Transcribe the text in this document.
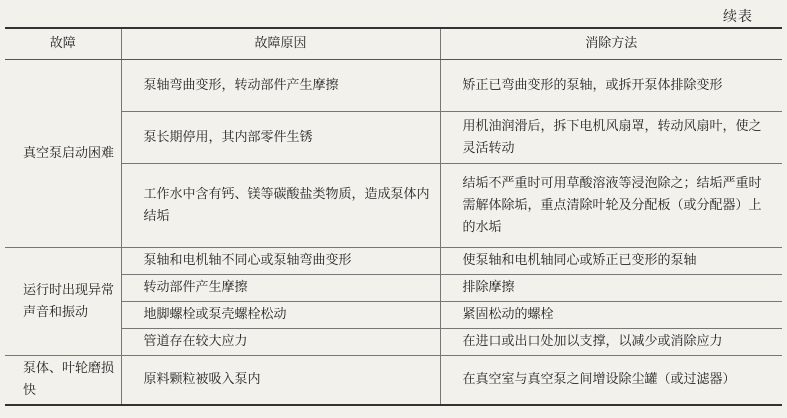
续表
故障	故障原因	消除方法
真空泵启动困难	泵轴弯曲变形，转动部件产生摩擦	矫正已弯曲变形的泵轴，或拆开泵体排除变形
	泵长期停用，其内部零件生锈	用机油润滑后，拆下电机风扇罩，转动风扇叶，使之灵活转动
	工作水中含有钙、镁等碳酸盐类物质，造成泵体内结垢	结垢不严重时可用草酸溶液等浸泡除之；结垢严重时需解体除垢，重点清除叶轮及分配板（或分配器）上的水垢
运行时出现异常声音和振动	泵轴和电机轴不同心或泵轴弯曲变形	使泵轴和电机轴同心或矫正已变形的泵轴
	转动部件产生摩擦	排除摩擦
	地脚螺栓或泵壳螺栓松动	紧固松动的螺栓
	管道存在较大应力	在进口或出口处加以支撑，以减少或消除应力
泵体、叶轮磨损快	原料颗粒被吸入泵内	在真空室与真空泵之间增设除尘罐（或过滤器）
